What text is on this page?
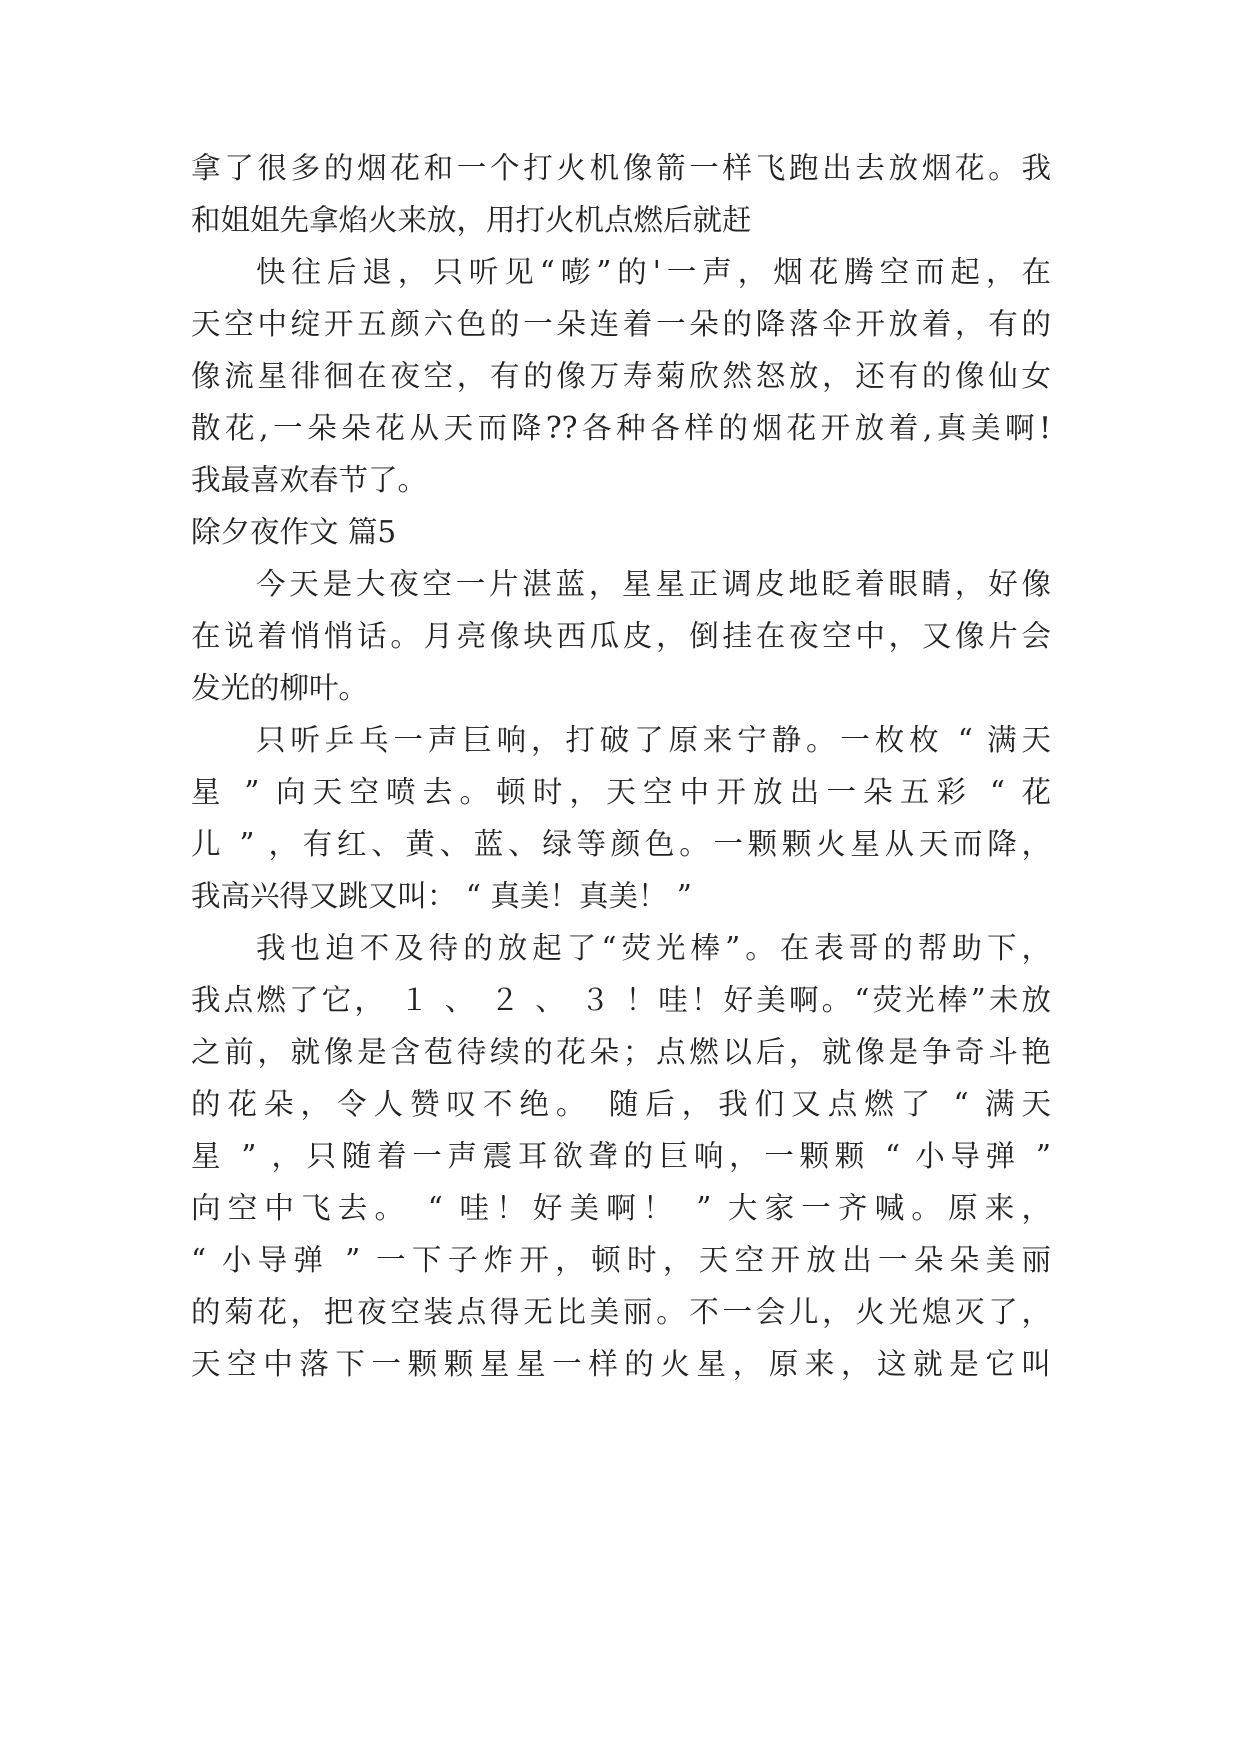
拿了很多的烟花和一个打火机像箭一样飞跑出去放烟花。我
和姐姐先拿焰火来放，用打火机点燃后就赶
快往后退，只听见“嘭”的'一声，烟花腾空而起，在
天空中绽开五颜六色的一朵连着一朵的降落伞开放着，有的
像流星徘徊在夜空，有的像万寿菊欣然怒放，还有的像仙女
散花,一朵朵花从天而降??各种各样的烟花开放着,真美啊!
我最喜欢春节了。
除夕夜作文 篇5
今天是大夜空一片湛蓝，星星正调皮地眨着眼睛，好像
在说着悄悄话。月亮像块西瓜皮，倒挂在夜空中，又像片会
发光的柳叶。
只听乒乓一声巨响，打破了原来宁静。一枚枚 “ 满天
星 ” 向天空喷去。顿时，天空中开放出一朵五彩 “ 花
儿 ” ，有红、黄、蓝、绿等颜色。一颗颗火星从天而降，
我高兴得又跳又叫： “ 真美！真美！ ”
我也迫不及待的放起了“荧光棒”。在表哥的帮助下，
我点燃了它， １ 、 ２ 、 ３ ！哇！好美啊。“荧光棒”未放
之前，就像是含苞待续的花朵；点燃以后，就像是争奇斗艳
的花朵，令人赞叹不绝。 随后，我们又点燃了 “ 满天
星 ” ，只随着一声震耳欲聋的巨响，一颗颗 “ 小导弹 ”
向空中飞去。 “ 哇！好美啊！ ” 大家一齐喊。原来，
“ 小导弹 ” 一下子炸开，顿时，天空开放出一朵朵美丽
的菊花，把夜空装点得无比美丽。不一会儿，火光熄灭了，
天空中落下一颗颗星星一样的火星，原来，这就是它叫
